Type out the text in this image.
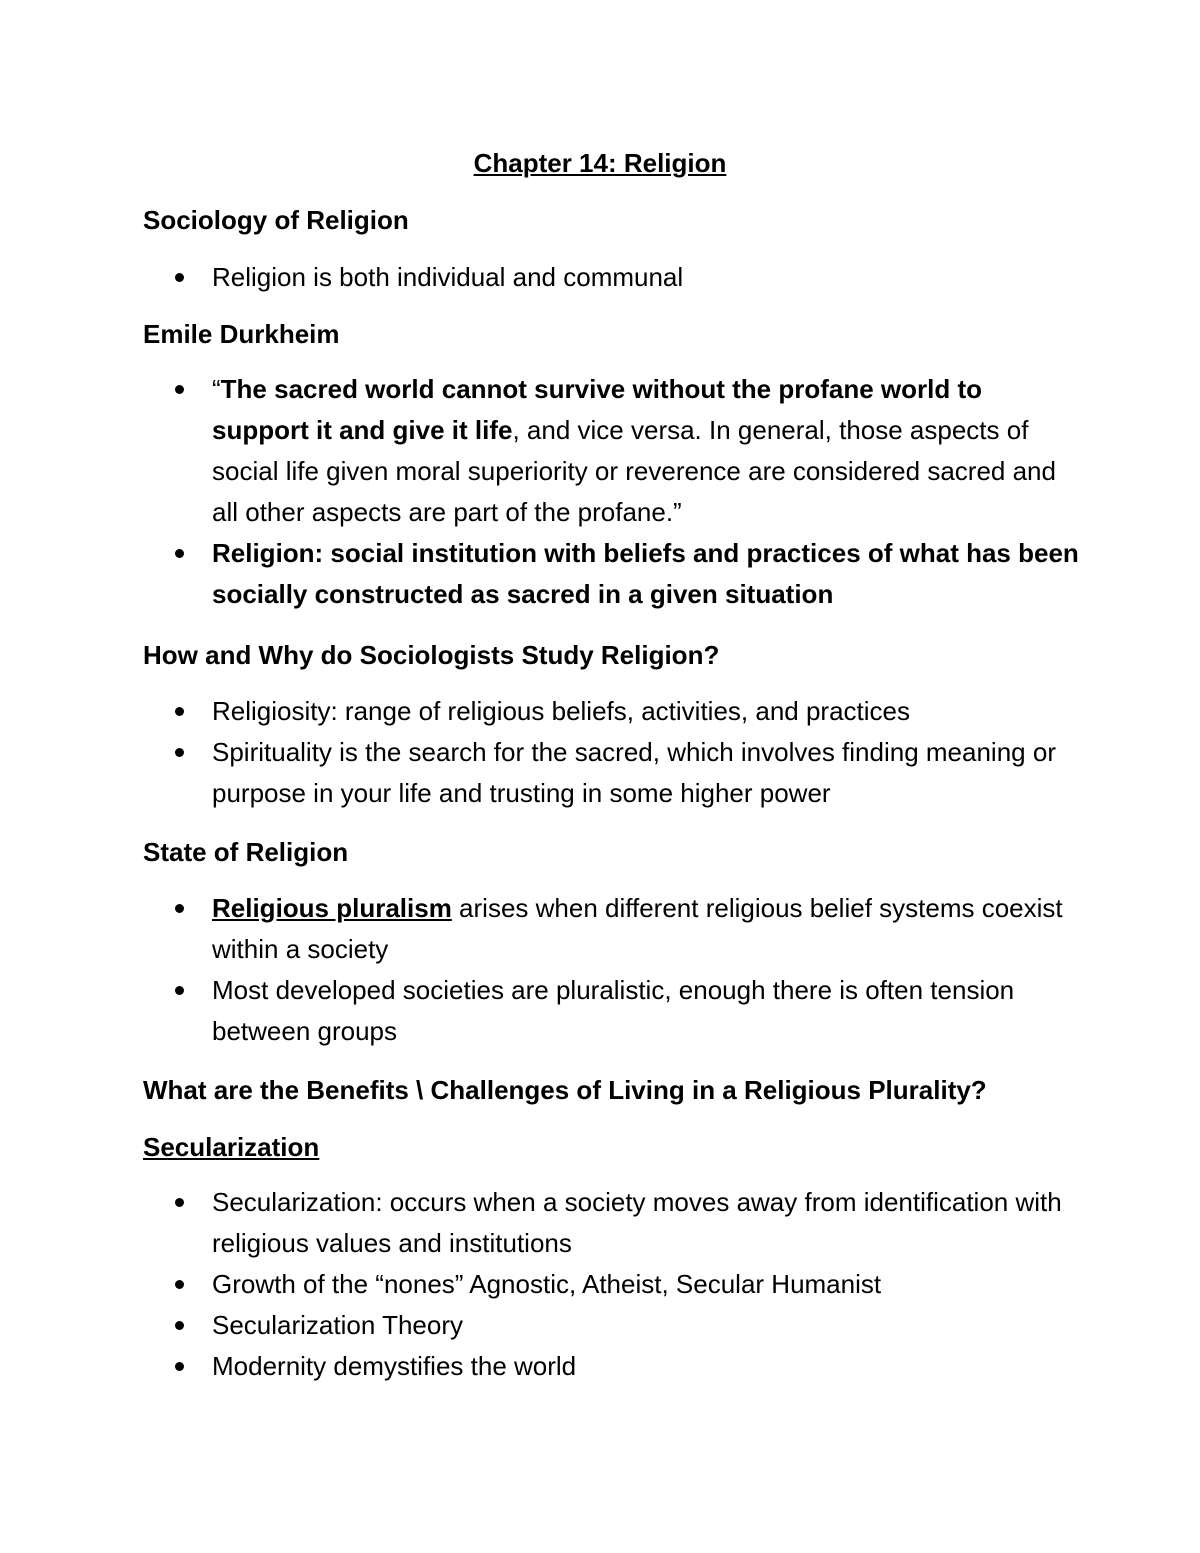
Chapter 14: Religion
Sociology of Religion
Religion is both individual and communal
Emile Durkheim
“The sacred world cannot survive without the profane world to support it and give it life, and vice versa. In general, those aspects of social life given moral superiority or reverence are considered sacred and all other aspects are part of the profane.”
Religion: social institution with beliefs and practices of what has been socially constructed as sacred in a given situation
How and Why do Sociologists Study Religion?
Religiosity: range of religious beliefs, activities, and practices
Spirituality is the search for the sacred, which involves finding meaning or purpose in your life and trusting in some higher power
State of Religion
Religious pluralism arises when different religious belief systems coexist within a society
Most developed societies are pluralistic, enough there is often tension between groups
What are the Benefits \ Challenges of Living in a Religious Plurality?
Secularization
Secularization: occurs when a society moves away from identification with religious values and institutions
Growth of the “nones” Agnostic, Atheist, Secular Humanist
Secularization Theory
Modernity demystifies the world
